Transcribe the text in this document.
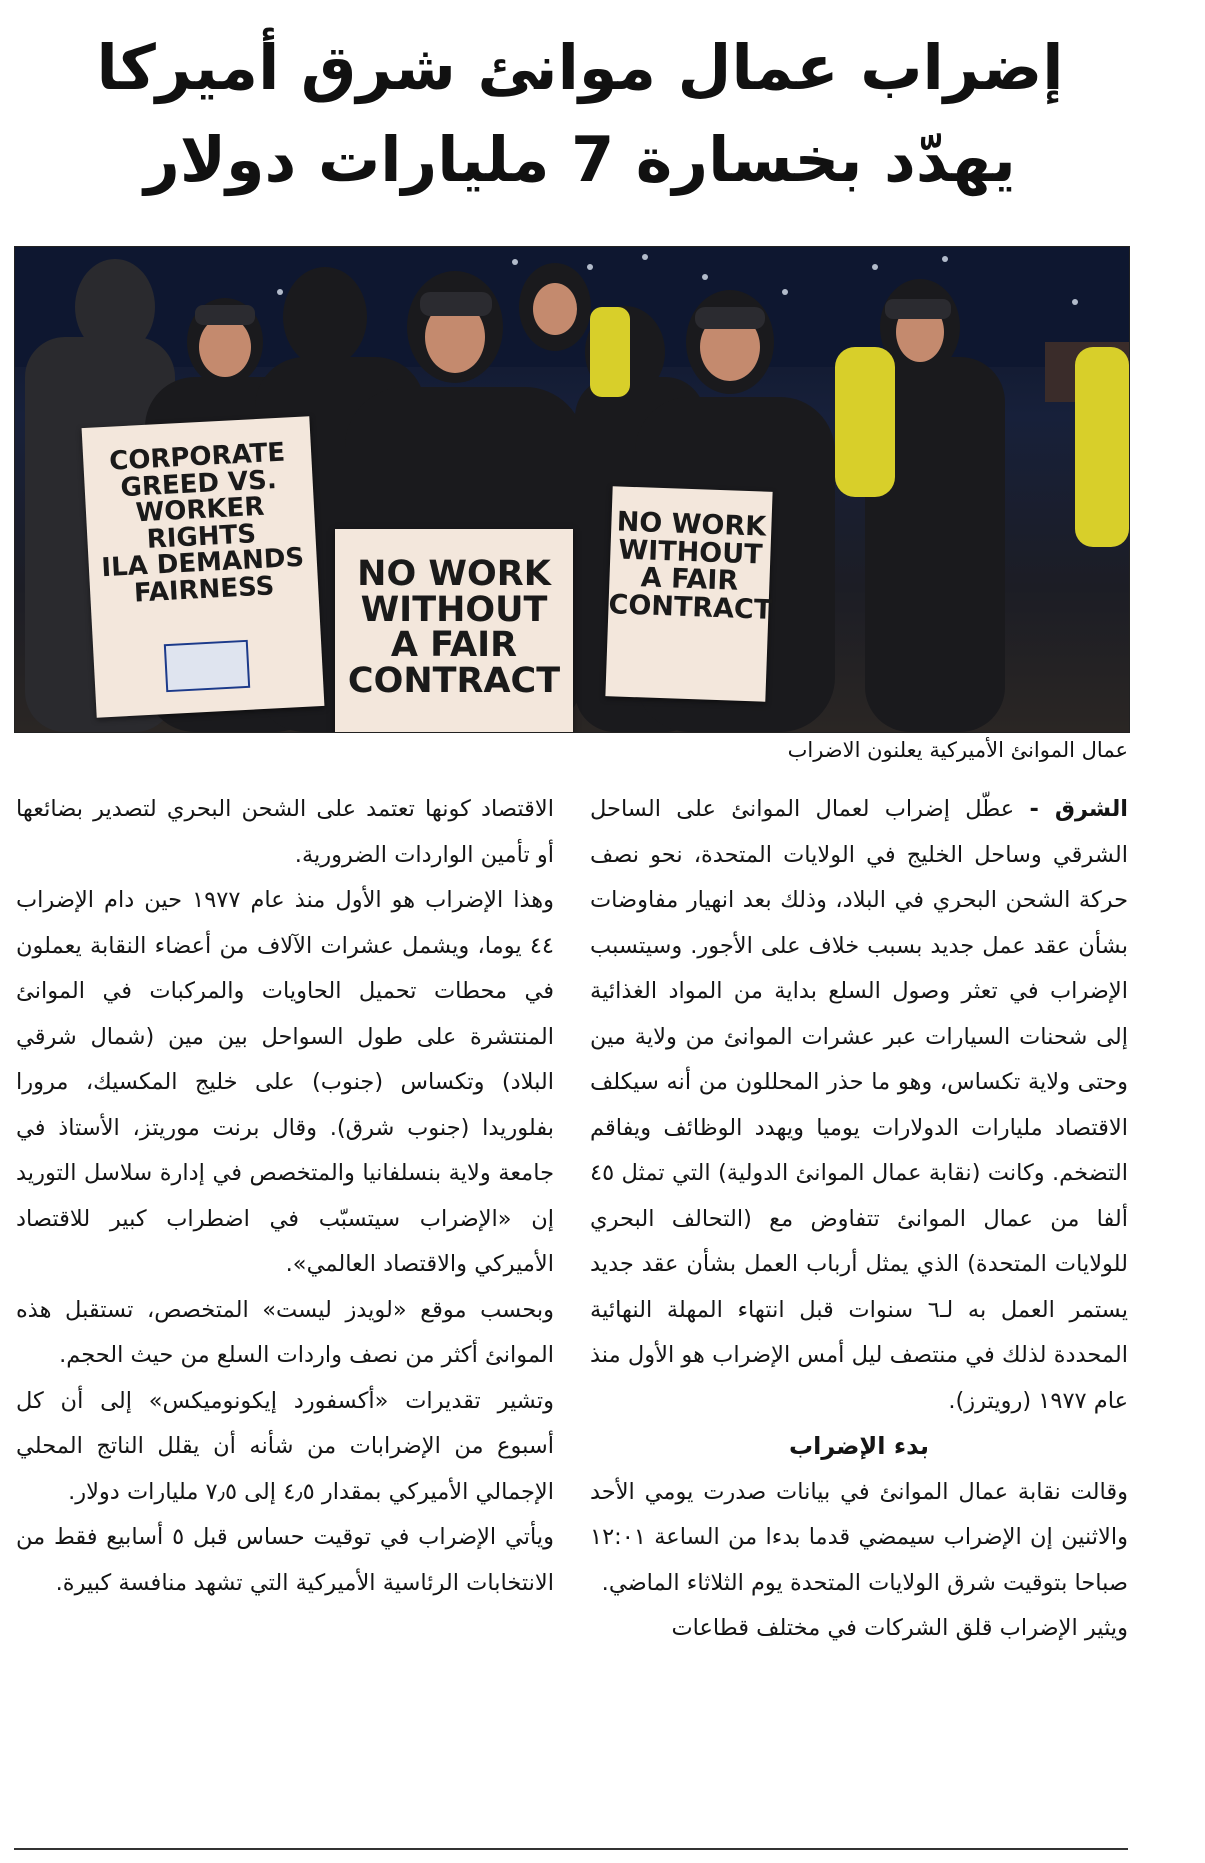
إضراب عمال موانئ شرق أميركا
يهدّد بخسارة 7 مليارات دولار
CORPORATE
GREED VS.
WORKER RIGHTS
ILA DEMANDS
FAIRNESS	NO WORK
WITHOUT
A FAIR
CONTRACT
NO WORK
WITHOUT
A FAIR
CONTRACT
عمال الموانئ الأميركية يعلنون الاضراب

الشرق - عطّل إضراب لعمال الموانئ على الساحل الشرقي وساحل الخليج في الولايات المتحدة، نحو نصف حركة الشحن البحري في البلاد، وذلك بعد انهيار مفاوضات بشأن عقد عمل جديد بسبب خلاف على الأجور. وسيتسبب الإضراب في تعثر وصول السلع بداية من المواد الغذائية إلى شحنات السيارات عبر عشرات الموانئ من ولاية مين وحتى ولاية تكساس، وهو ما حذر المحللون من أنه سيكلف الاقتصاد مليارات الدولارات يوميا ويهدد الوظائف ويفاقم التضخم. وكانت (نقابة عمال الموانئ الدولية) التي تمثل ٤٥ ألفا من عمال الموانئ تتفاوض مع (التحالف البحري للولايات المتحدة) الذي يمثل أرباب العمل بشأن عقد جديد يستمر العمل به لـ٦ سنوات قبل انتهاء المهلة النهائية المحددة لذلك في منتصف ليل أمس الإضراب هو الأول منذ عام ١٩٧٧ (رويترز).

بدء الإضراب

وقالت نقابة عمال الموانئ في بيانات صدرت يومي الأحد والاثنين إن الإضراب سيمضي قدما بدءا من الساعة ١٢:٠١ صباحا بتوقيت شرق الولايات المتحدة يوم الثلاثاء الماضي.

ويثير الإضراب قلق الشركات في مختلف قطاعات

الاقتصاد كونها تعتمد على الشحن البحري لتصدير بضائعها أو تأمين الواردات الضرورية.

وهذا الإضراب هو الأول منذ عام ١٩٧٧ حين دام الإضراب ٤٤ يوما، ويشمل عشرات الآلاف من أعضاء النقابة يعملون في محطات تحميل الحاويات والمركبات في الموانئ المنتشرة على طول السواحل بين مين (شمال شرقي البلاد) وتكساس (جنوب) على خليج المكسيك، مرورا بفلوريدا (جنوب شرق). وقال برنت موريتز، الأستاذ في جامعة ولاية بنسلفانيا والمتخصص في إدارة سلاسل التوريد إن «الإضراب سيتسبّب في اضطراب كبير للاقتصاد الأميركي والاقتصاد العالمي».

وبحسب موقع «لويدز ليست» المتخصص، تستقبل هذه الموانئ أكثر من نصف واردات السلع من حيث الحجم.

وتشير تقديرات «أكسفورد إيكونوميكس» إلى أن كل أسبوع من الإضرابات من شأنه أن يقلل الناتج المحلي الإجمالي الأميركي بمقدار ٤٫٥ إلى ٧٫٥ مليارات دولار.

ويأتي الإضراب في توقيت حساس قبل ٥ أسابيع فقط من الانتخابات الرئاسية الأميركية التي تشهد منافسة كبيرة.
